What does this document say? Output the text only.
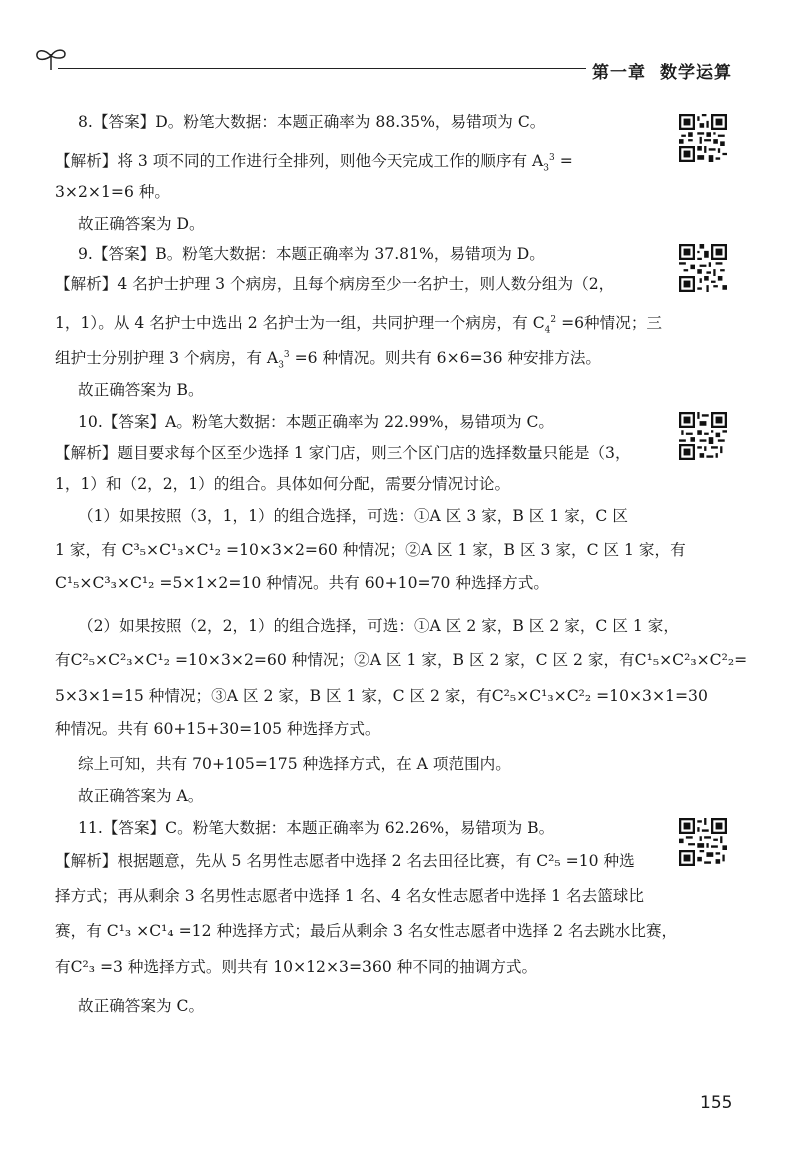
第一章 数学运算
8.【答案】D。粉笔大数据：本题正确率为 88.35%，易错项为 C。
【解析】将 3 项不同的工作进行全排列，则他今天完成工作的顺序有 $A_3^3$ =
3×2×1=6 种。
故正确答案为 D。
9.【答案】B。粉笔大数据：本题正确率为 37.81%，易错项为 D。
【解析】4 名护士护理 3 个病房，且每个病房至少一名护士，则人数分组为（2，
1，1）。从 4 名护士中选出 2 名护士为一组，共同护理一个病房，有 $C_4^2 =6$种情况；三
组护士分别护理 3 个病房，有 $A_3^3 =6$ 种情况。则共有 6×6=36 种安排方法。
故正确答案为 B。
10.【答案】A。粉笔大数据：本题正确率为 22.99%，易错项为 C。
【解析】题目要求每个区至少选择 1 家门店，则三个区门店的选择数量只能是（3，
1，1）和（2，2，1）的组合。具体如何分配，需要分情况讨论。
（1）如果按照（3，1，1）的组合选择，可选：①A 区 3 家，B 区 1 家，C 区
1 家，有 C³₅×C¹₃×C¹₂ =10×3×2=60 种情况；②A 区 1 家，B 区 3 家，C 区 1 家，有
C¹₅×C³₃×C¹₂ =5×1×2=10 种情况。共有 60+10=70 种选择方式。
（2）如果按照（2，2，1）的组合选择，可选：①A 区 2 家，B 区 2 家，C 区 1 家，
有C²₅×C²₃×C¹₂ =10×3×2=60 种情况；②A 区 1 家，B 区 2 家，C 区 2 家，有C¹₅×C²₃×C²₂=
5×3×1=15 种情况；③A 区 2 家，B 区 1 家，C 区 2 家，有C²₅×C¹₃×C²₂ =10×3×1=30
种情况。共有 60+15+30=105 种选择方式。
综上可知，共有 70+105=175 种选择方式，在 A 项范围内。
故正确答案为 A。
11.【答案】C。粉笔大数据：本题正确率为 62.26%，易错项为 B。
【解析】根据题意，先从 5 名男性志愿者中选择 2 名去田径比赛，有 C²₅ =10 种选
择方式；再从剩余 3 名男性志愿者中选择 1 名、4 名女性志愿者中选择 1 名去篮球比
赛，有 C¹₃ ×C¹₄ =12 种选择方式；最后从剩余 3 名女性志愿者中选择 2 名去跳水比赛，
有C²₃ =3 种选择方式。则共有 10×12×3=360 种不同的抽调方式。
故正确答案为 C。
155
